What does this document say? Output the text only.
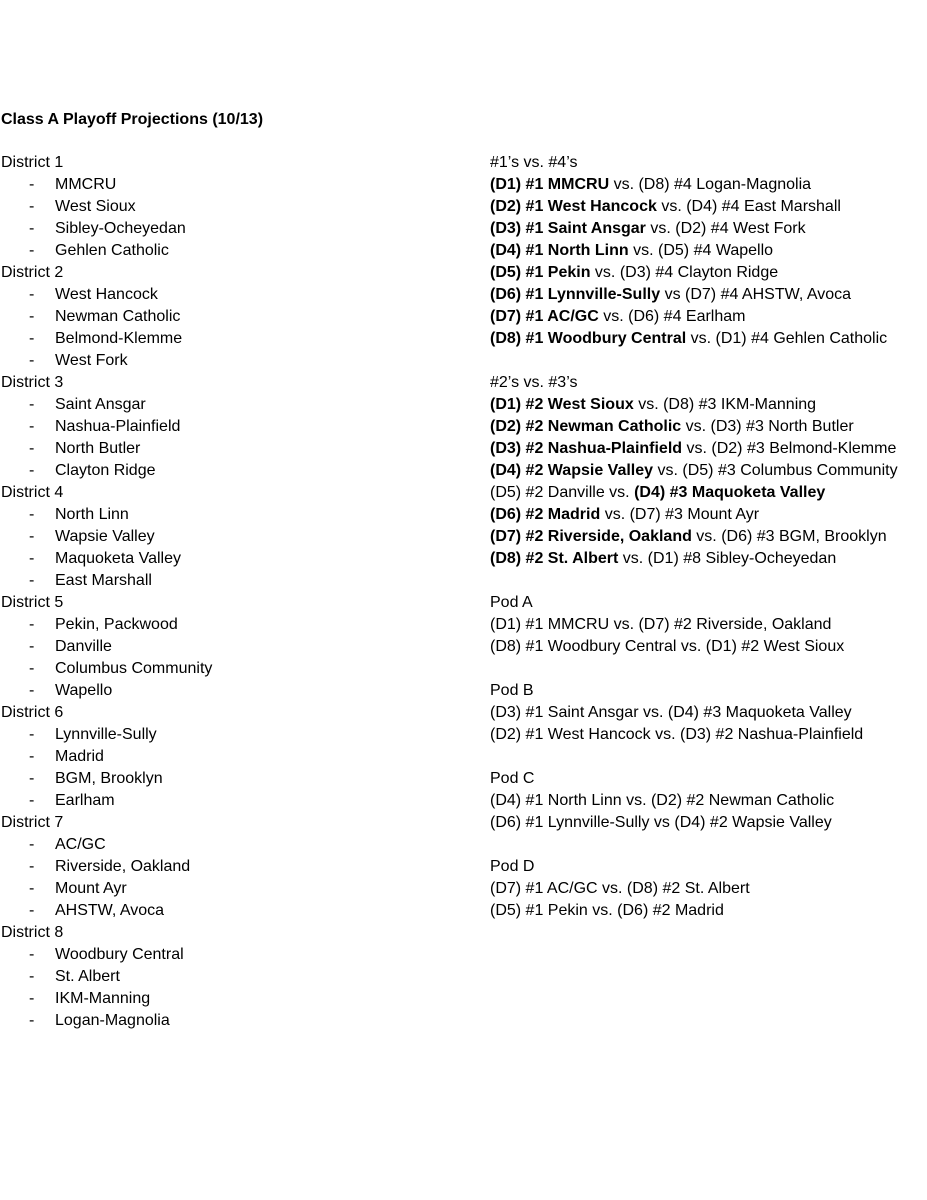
Class A Playoff Projections (10/13)
District 1
- MMCRU
- West Sioux
- Sibley-Ocheyedan
- Gehlen Catholic
District 2
- West Hancock
- Newman Catholic
- Belmond-Klemme
- West Fork
District 3
- Saint Ansgar
- Nashua-Plainfield
- North Butler
- Clayton Ridge
District 4
- North Linn
- Wapsie Valley
- Maquoketa Valley
- East Marshall
District 5
- Pekin, Packwood
- Danville
- Columbus Community
- Wapello
District 6
- Lynnville-Sully
- Madrid
- BGM, Brooklyn
- Earlham
District 7
- AC/GC
- Riverside, Oakland
- Mount Ayr
- AHSTW, Avoca
District 8
- Woodbury Central
- St. Albert
- IKM-Manning
- Logan-Magnolia
#1’s vs. #4’s
(D1) #1 MMCRU vs. (D8) #4 Logan-Magnolia
(D2) #1 West Hancock vs. (D4) #4 East Marshall
(D3) #1 Saint Ansgar vs. (D2) #4 West Fork
(D4) #1 North Linn vs. (D5) #4 Wapello
(D5) #1 Pekin vs. (D3) #4 Clayton Ridge
(D6) #1 Lynnville-Sully vs (D7) #4 AHSTW, Avoca
(D7) #1 AC/GC vs. (D6) #4 Earlham
(D8) #1 Woodbury Central vs. (D1) #4 Gehlen Catholic
#2’s vs. #3’s
(D1) #2 West Sioux vs. (D8) #3 IKM-Manning
(D2) #2 Newman Catholic vs. (D3) #3 North Butler
(D3) #2 Nashua-Plainfield vs. (D2) #3 Belmond-Klemme
(D4) #2 Wapsie Valley vs. (D5) #3 Columbus Community
(D5) #2 Danville vs. (D4) #3 Maquoketa Valley
(D6) #2 Madrid vs. (D7) #3 Mount Ayr
(D7) #2 Riverside, Oakland vs. (D6) #3 BGM, Brooklyn
(D8) #2 St. Albert vs. (D1) #8 Sibley-Ocheyedan
Pod A
(D1) #1 MMCRU vs. (D7) #2 Riverside, Oakland
(D8) #1 Woodbury Central vs. (D1) #2 West Sioux
Pod B
(D3) #1 Saint Ansgar vs. (D4) #3 Maquoketa Valley
(D2) #1 West Hancock vs. (D3) #2 Nashua-Plainfield
Pod C
(D4) #1 North Linn vs. (D2) #2 Newman Catholic
(D6) #1 Lynnville-Sully vs (D4) #2 Wapsie Valley
Pod D
(D7) #1 AC/GC vs. (D8) #2 St. Albert
(D5) #1 Pekin vs. (D6) #2 Madrid
